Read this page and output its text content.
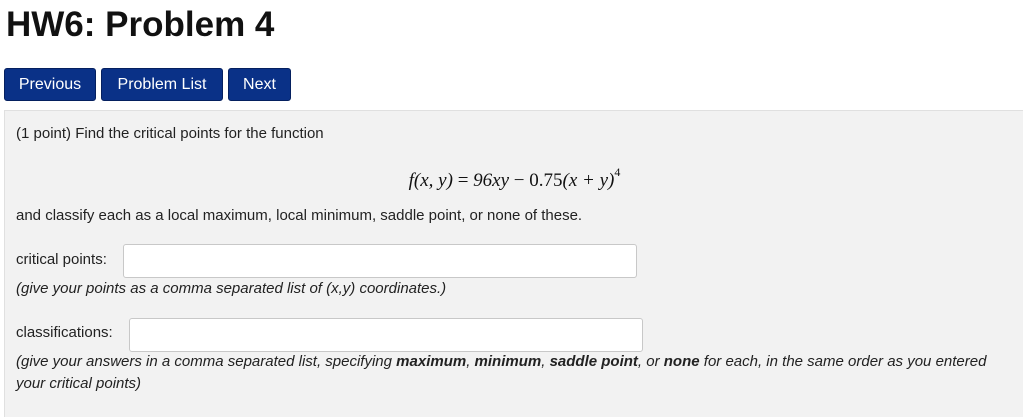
HW6: Problem 4
Previous	Problem List	Next
(1 point) Find the critical points for the function
f(x, $y) = 96xy - 0.75(x + y)^4$
and classify each as a local maximum, local minimum, saddle point, or none of these.
critical points:
(give your points as a comma separated list of (x,y) coordinates.)
classifications:
(give your answers in a comma separated list, specifying maximum, minimum, saddle point, or none for each, in the same order as you entered your critical points)
